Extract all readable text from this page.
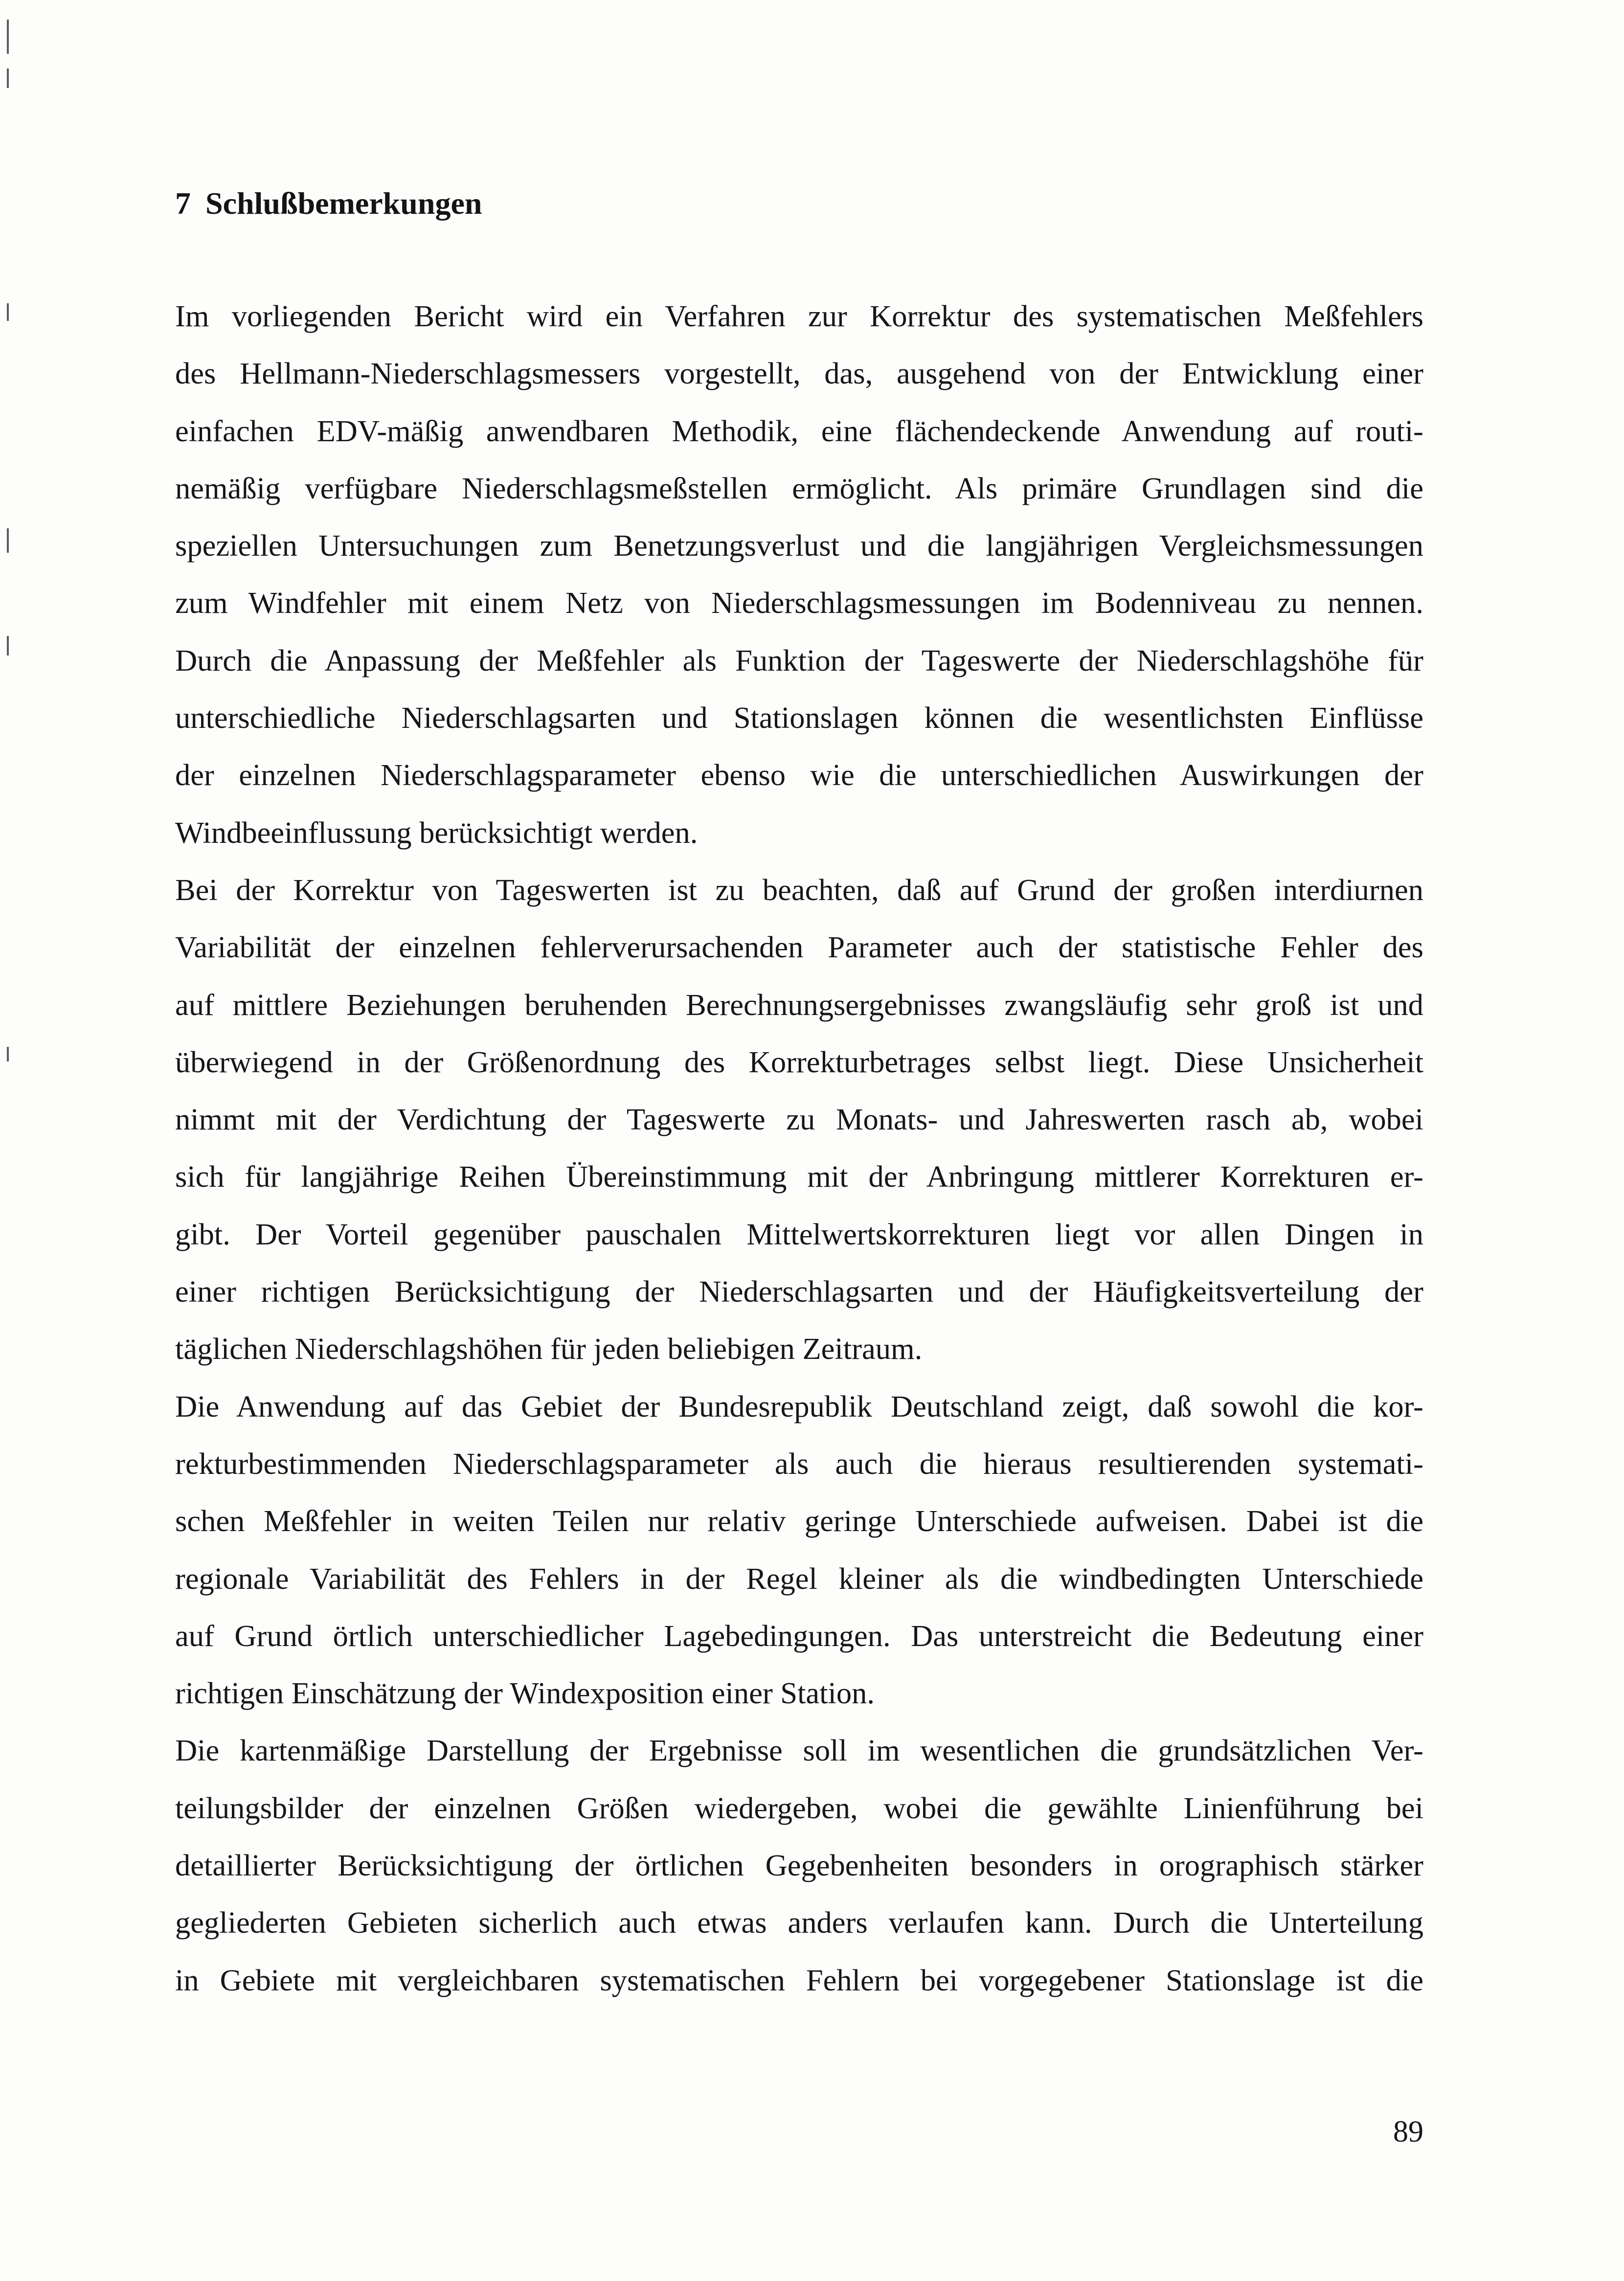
7 Schlußbemerkungen
Im vorliegenden Bericht wird ein Verfahren zur Korrektur des systematischen Meßfehlers
des Hellmann-Niederschlagsmessers vorgestellt, das, ausgehend von der Entwicklung einer
einfachen EDV-mäßig anwendbaren Methodik, eine flächendeckende Anwendung auf routi-
nemäßig verfügbare Niederschlagsmeßstellen ermöglicht. Als primäre Grundlagen sind die
speziellen Untersuchungen zum Benetzungsverlust und die langjährigen Vergleichsmessungen
zum Windfehler mit einem Netz von Niederschlagsmessungen im Bodenniveau zu nennen.
Durch die Anpassung der Meßfehler als Funktion der Tageswerte der Niederschlagshöhe für
unterschiedliche Niederschlagsarten und Stationslagen können die wesentlichsten Einflüsse
der einzelnen Niederschlagsparameter ebenso wie die unterschiedlichen Auswirkungen der
Windbeeinflussung berücksichtigt werden.
Bei der Korrektur von Tageswerten ist zu beachten, daß auf Grund der großen interdiurnen
Variabilität der einzelnen fehlerverursachenden Parameter auch der statistische Fehler des
auf mittlere Beziehungen beruhenden Berechnungsergebnisses zwangsläufig sehr groß ist und
überwiegend in der Größenordnung des Korrekturbetrages selbst liegt. Diese Unsicherheit
nimmt mit der Verdichtung der Tageswerte zu Monats- und Jahreswerten rasch ab, wobei
sich für langjährige Reihen Übereinstimmung mit der Anbringung mittlerer Korrekturen er-
gibt. Der Vorteil gegenüber pauschalen Mittelwertskorrekturen liegt vor allen Dingen in
einer richtigen Berücksichtigung der Niederschlagsarten und der Häufigkeitsverteilung der
täglichen Niederschlagshöhen für jeden beliebigen Zeitraum.
Die Anwendung auf das Gebiet der Bundesrepublik Deutschland zeigt, daß sowohl die kor-
rekturbestimmenden Niederschlagsparameter als auch die hieraus resultierenden systemati-
schen Meßfehler in weiten Teilen nur relativ geringe Unterschiede aufweisen. Dabei ist die
regionale Variabilität des Fehlers in der Regel kleiner als die windbedingten Unterschiede
auf Grund örtlich unterschiedlicher Lagebedingungen. Das unterstreicht die Bedeutung einer
richtigen Einschätzung der Windexposition einer Station.
Die kartenmäßige Darstellung der Ergebnisse soll im wesentlichen die grundsätzlichen Ver-
teilungsbilder der einzelnen Größen wiedergeben, wobei die gewählte Linienführung bei
detaillierter Berücksichtigung der örtlichen Gegebenheiten besonders in orographisch stärker
gegliederten Gebieten sicherlich auch etwas anders verlaufen kann. Durch die Unterteilung
in Gebiete mit vergleichbaren systematischen Fehlern bei vorgegebener Stationslage ist die
89
